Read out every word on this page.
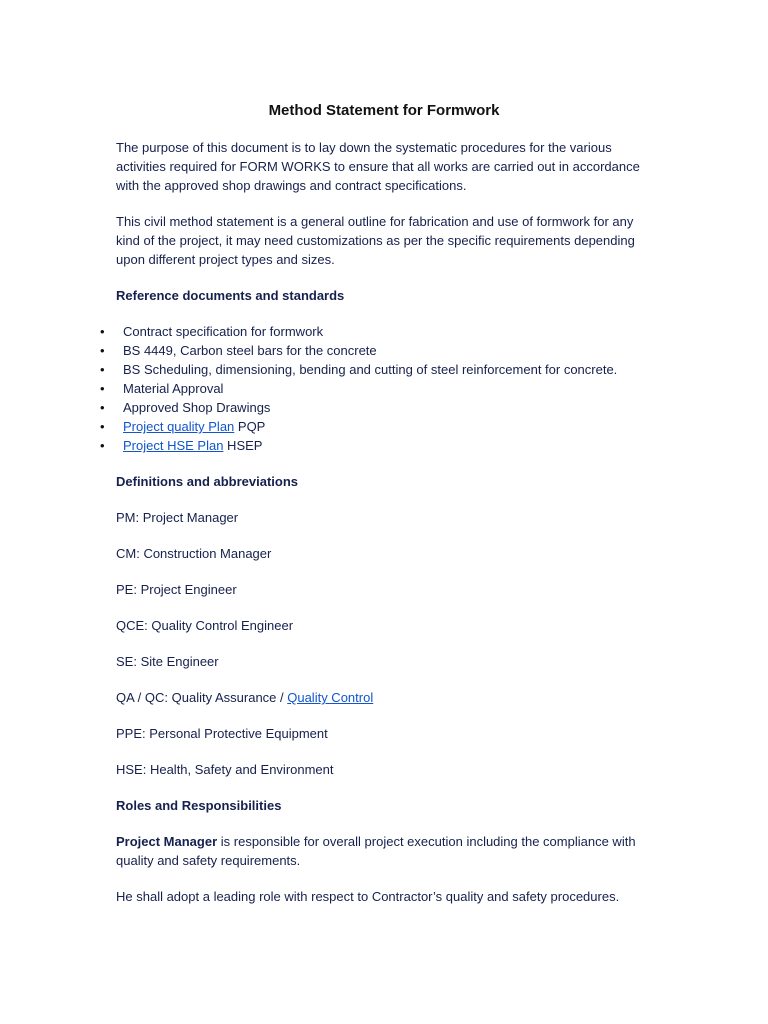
Method Statement for Formwork

The purpose of this document is to lay down the systematic procedures for the various activities required for FORM WORKS to ensure that all works are carried out in accordance with the approved shop drawings and contract specifications.

This civil method statement is a general outline for fabrication and use of formwork for any kind of the project, it may need customizations as per the specific requirements depending upon different project types and sizes.

Reference documents and standards
•	Contract specification for formwork
•	BS 4449, Carbon steel bars for the concrete
•	BS Scheduling, dimensioning, bending and cutting of steel reinforcement for concrete.
•	Material Approval
•	Approved Shop Drawings
•	Project quality Plan PQP
•	Project HSE Plan HSEP
Definitions and abbreviations

PM: Project Manager

CM: Construction Manager

PE: Project Engineer

QCE: Quality Control Engineer

SE: Site Engineer

QA / QC: Quality Assurance / Quality Control

PPE: Personal Protective Equipment

HSE: Health, Safety and Environment

Roles and Responsibilities

Project Manager is responsible for overall project execution including the compliance with quality and safety requirements.

He shall adopt a leading role with respect to Contractor’s quality and safety procedures.
